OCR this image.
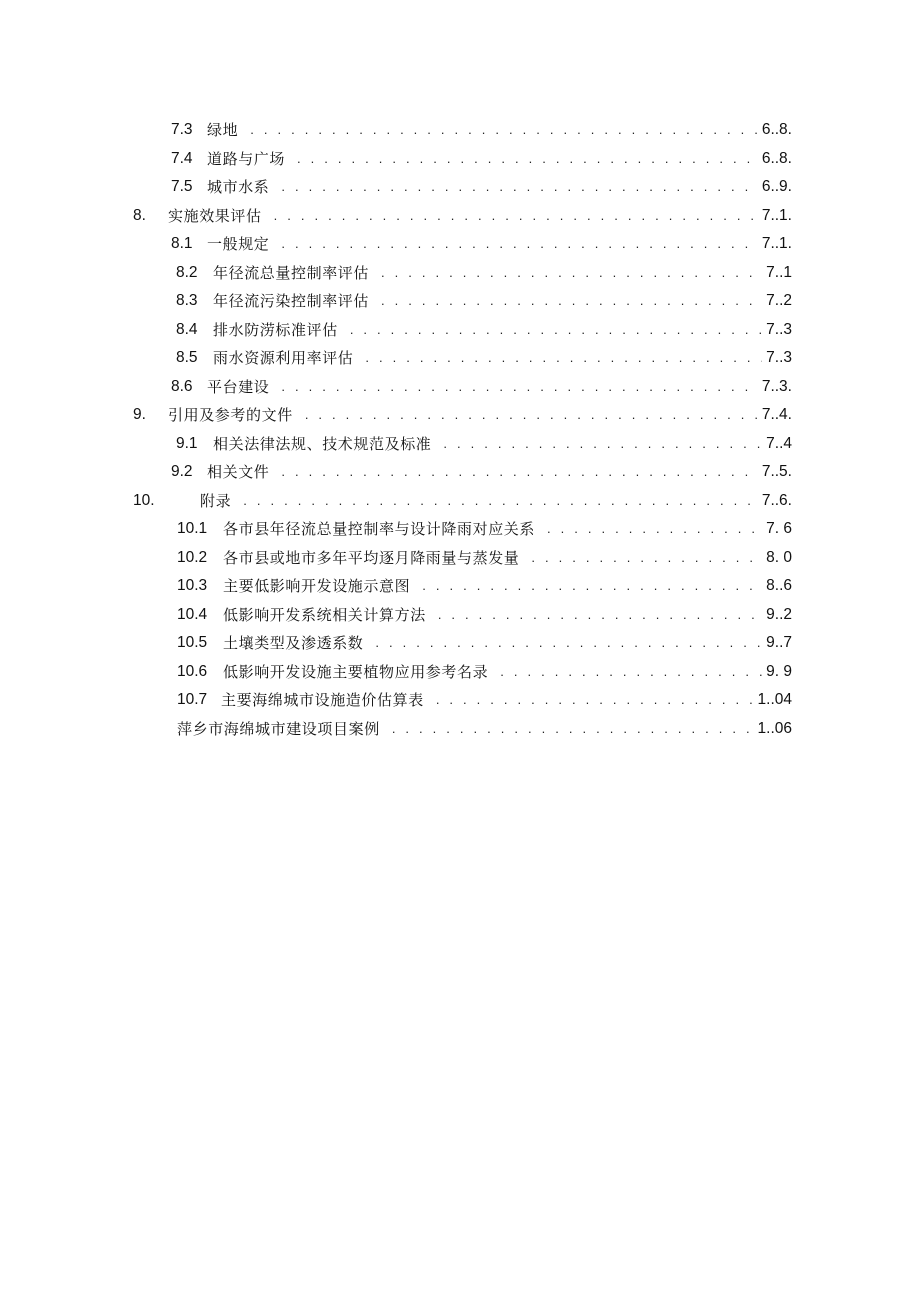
7.3 绿地 . . .	6..8.
7.4 道路与广场 . . .	6..8.
7.5 城市水系 . . .	6..9.
8.	实施效果评估 . . .	7..1.
8.1 一般规定 . . .	7..1.
8.2	年径流总量控制率评估 . . .	7..1
8.3	年径流污染控制率评估 . . .	7..2
8.4	排水防涝标准评估 . . .	7..3
8.5	雨水资源利用率评估 . . .	7..3
8.6 平台建设 . . .	7..3.
9.	引用及参考的文件 . . .	7..4.
9.1	相关法律法规、技术规范及标准 . . .	7..4
9.2 相关文件 . . .	7..5.
10.	附录 . . .	7..6.
10.1	各市县年径流总量控制率与设计降雨对应关系 . . .	7. 6
10.2	各市县或地市多年平均逐月降雨量与蒸发量 . . .	8. 0
10.3	主要低影响开发设施示意图 . . .	8..6
10.4	低影响开发系统相关计算方法 . . .	9..2
10.5	土壤类型及渗透系数 . . .	9..7
10.6	低影响开发设施主要植物应用参考名录 . . .	9. 9
10.7 主要海绵城市设施造价估算表 . . .	1..04
萍乡市海绵城市建设项目案例 . . .	1..06
